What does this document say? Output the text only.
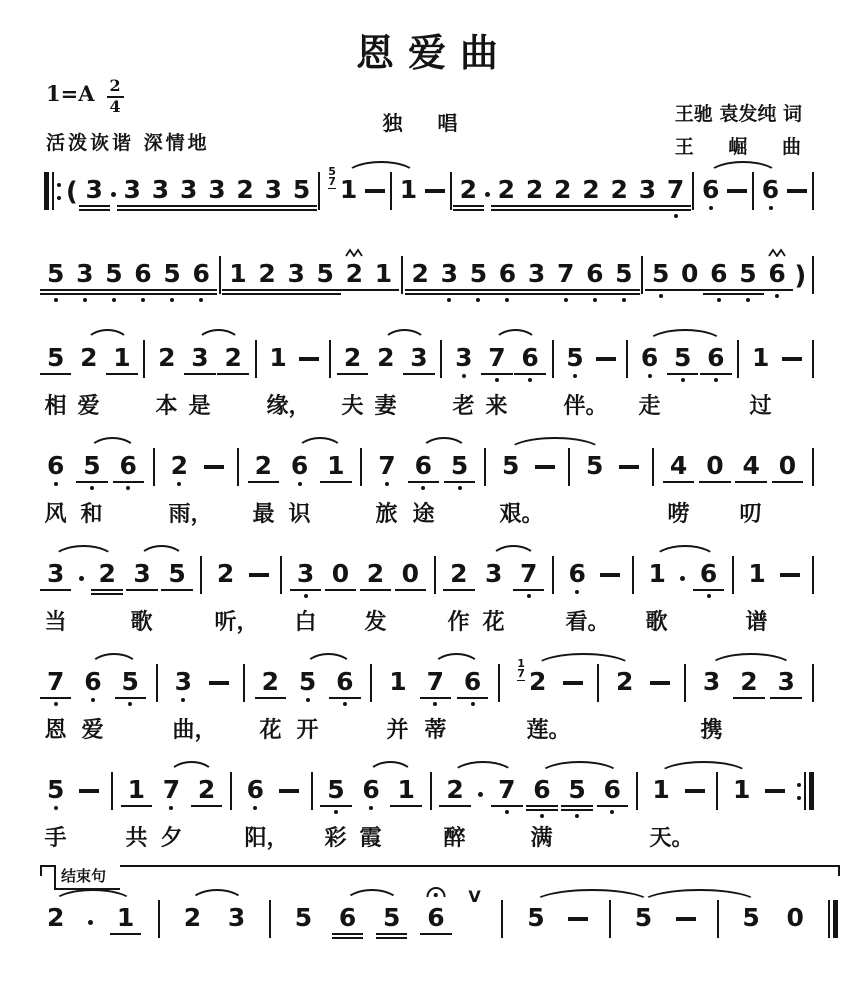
恩爱曲
$1=A \frac{2}{4}$
活泼诙谐 深情地
独 唱	王驰 袁发纯 词
王 崛 曲
( 3 3 3 3 3 2 3 5 1
5
7	1 2 2 2 2 2 2 3 7 6 6
5 3 5 6 5 6 1 2 3 5 2 1 2 3 5 6 3 7 6 5 5 0 6 5 6 )
5 2 1 2 3 2 1 2 2 3 3 7 6 5 6 5 6 1
相 爱	本 是	缘， 夫 妻	老 来	伴。 走	过
6 5 6 2	2 6 1 7 6 5 5	5	4 0 4 0
风 和	雨， 最 识	旅 途	艰。	唠 叨
3 2 3 5 2	3 0 2 0 2 3 7 6	1 6 1
当	歌	听， 白 发	作 花	看。 歌	谱
7 6 5 3	2 5 6 1 7 6 2
1
7	2	3 2 3
恩 爱	曲， 花 开	并 蒂	莲。	携
5	1 7 2 6	5 6 1 2 7 6 5 6 1	1
手	共 夕	阳， 彩 霞	醉	满	天。
结束句
2 1 2 3 5 6 5 6
V
5	5	5 0
